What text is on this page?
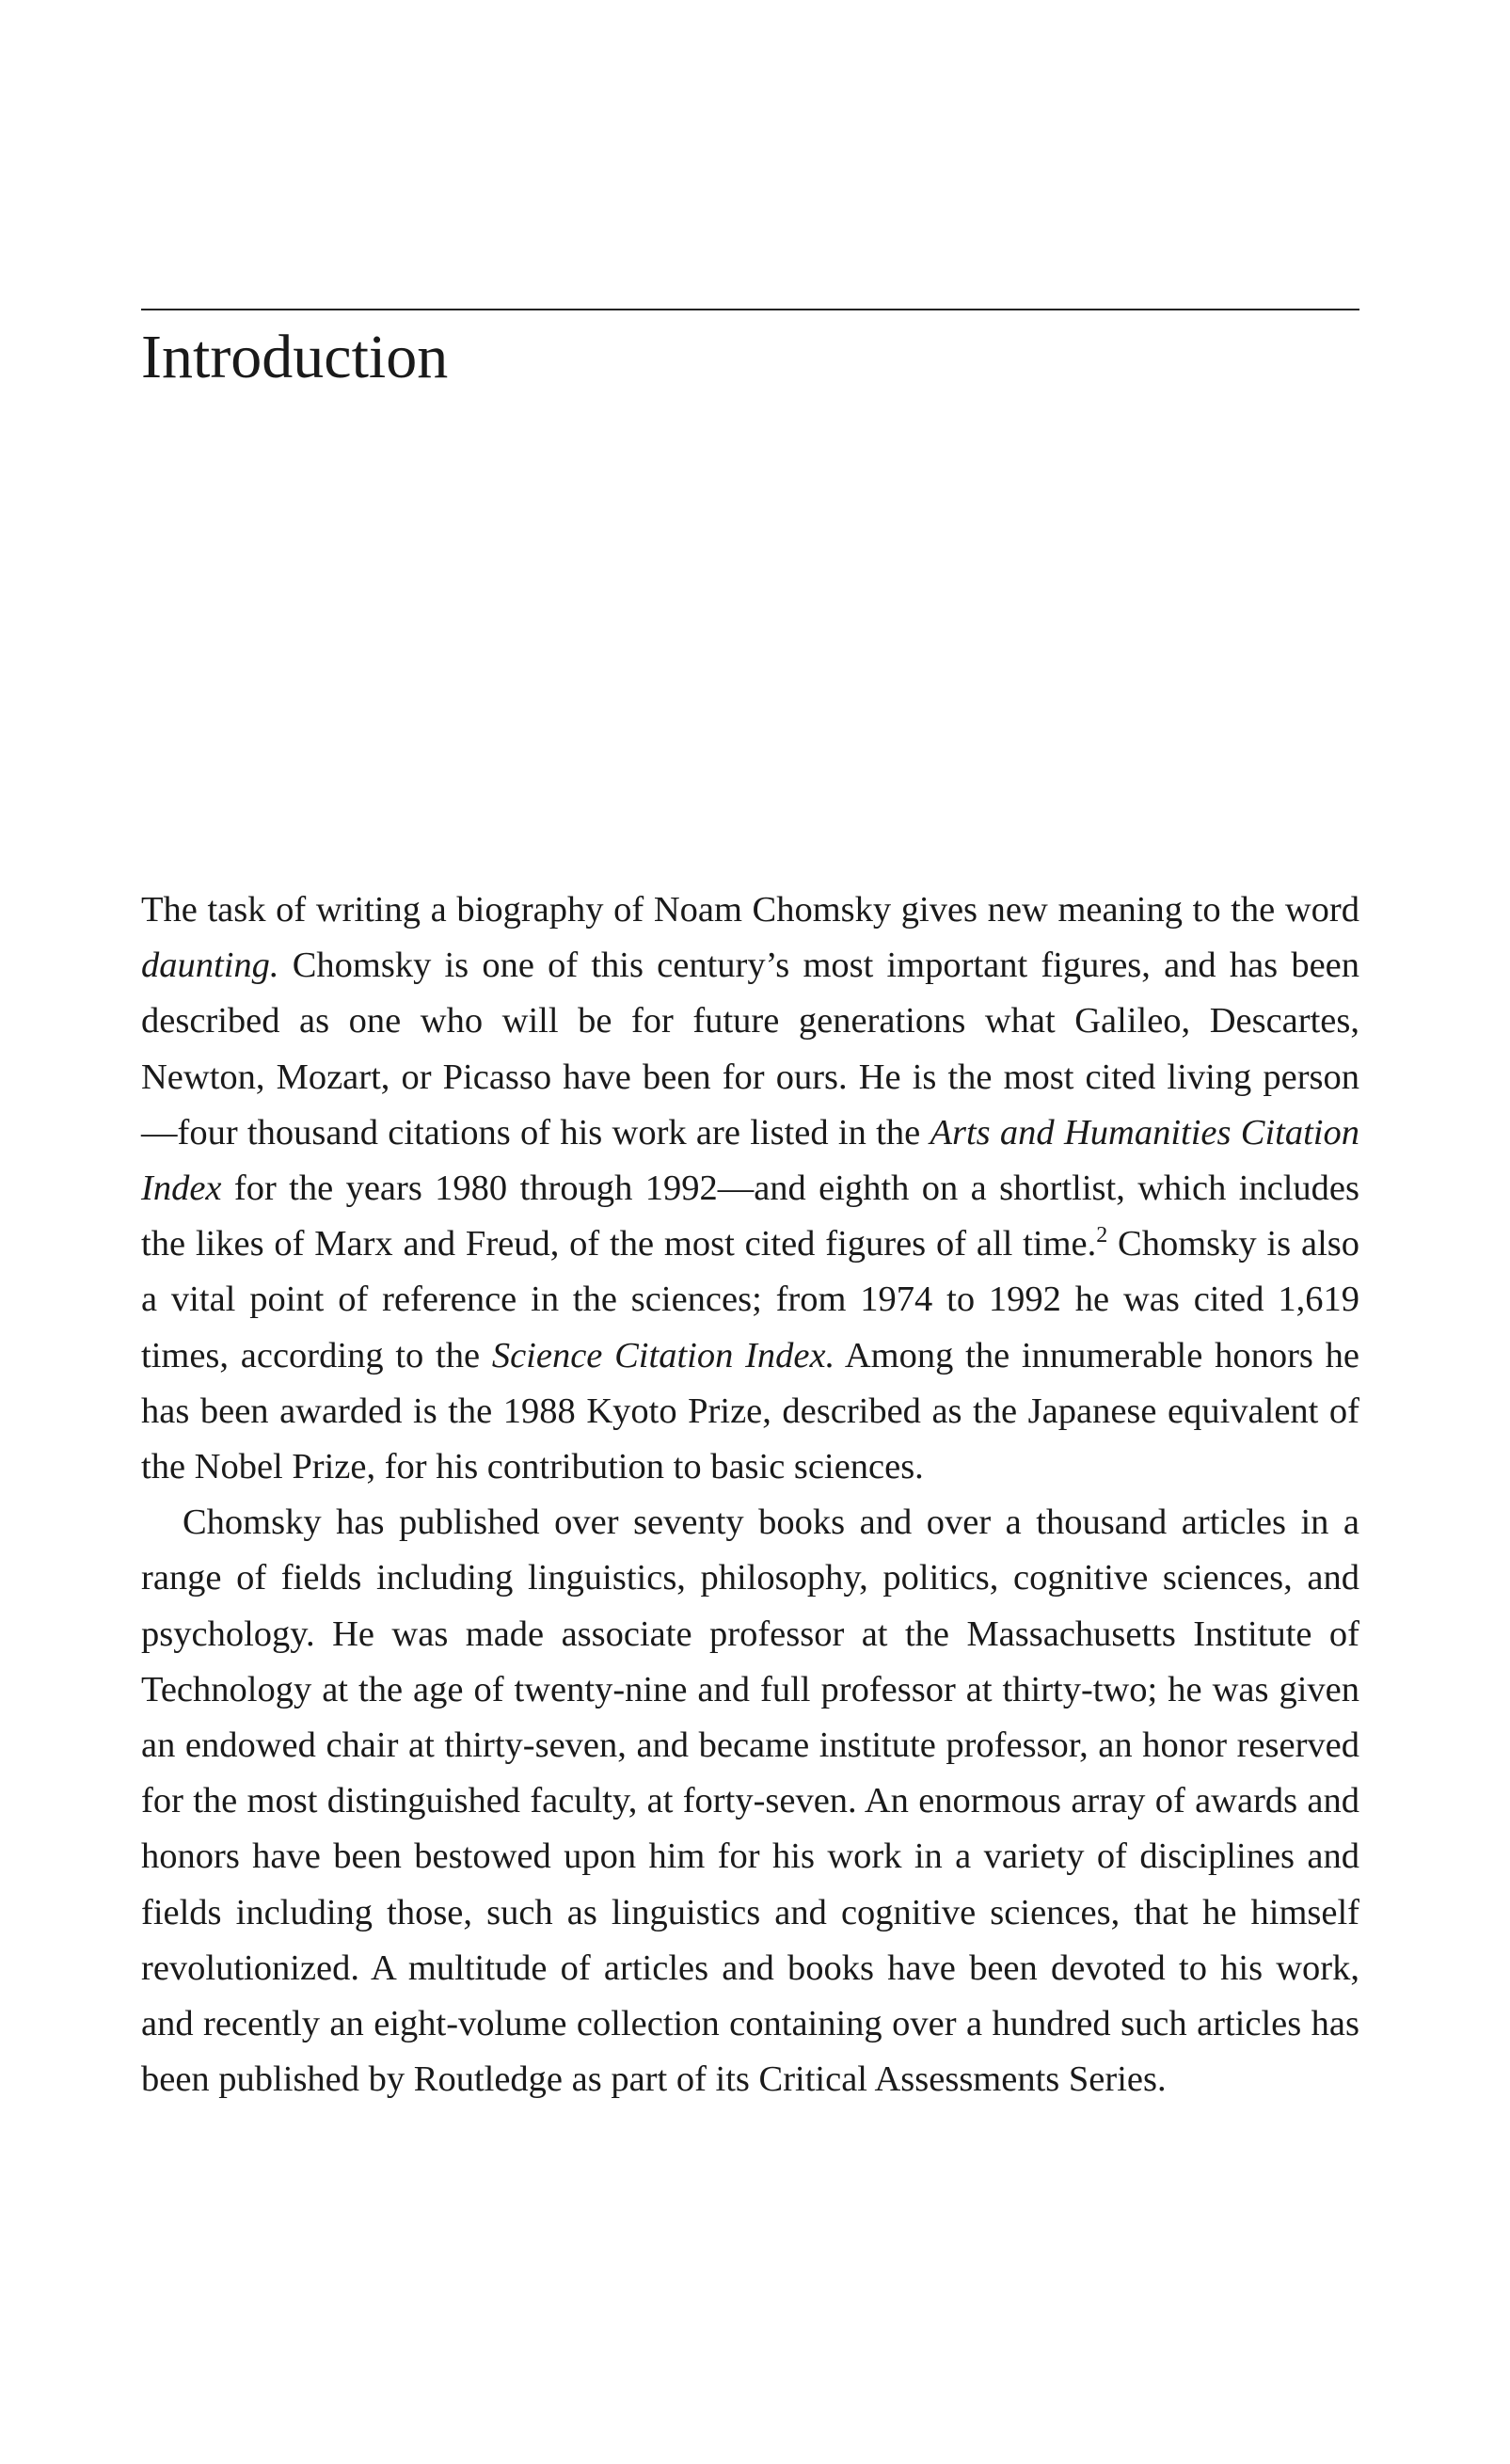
Introduction

The task of writing a biography of Noam Chomsky gives new meaning to the word daunting. Chomsky is one of this century’s most important figures, and has been described as one who will be for future generations what Galileo, Descartes, Newton, Mozart, or Picasso have been for ours. He is the most cited living person—four thousand citations of his work are listed in the Arts and Humanities Citation Index for the years 1980 through 1992—and eighth on a shortlist, which includes the likes of Marx and Freud, of the most cited figures of all time.$^2$ Chomsky is also a vital point of reference in the sciences; from 1974 to 1992 he was cited 1,619 times, according to the Science Citation Index. Among the innumerable honors he has been awarded is the 1988 Kyoto Prize, described as the Japanese equivalent of the Nobel Prize, for his contribution to basic sciences.

Chomsky has published over seventy books and over a thousand articles in a range of fields including linguistics, philosophy, politics, cognitive sciences, and psychology. He was made associate professor at the Massachusetts Institute of Technology at the age of twenty-nine and full professor at thirty-two; he was given an endowed chair at thirty-seven, and became institute professor, an honor reserved for the most distinguished faculty, at forty-seven. An enormous array of awards and honors have been bestowed upon him for his work in a variety of disciplines and fields including those, such as linguistics and cognitive sciences, that he himself revolutionized. A multitude of articles and books have been devoted to his work, and recently an eight-volume collection containing over a hundred such articles has been published by Routledge as part of its Critical Assessments Series.
